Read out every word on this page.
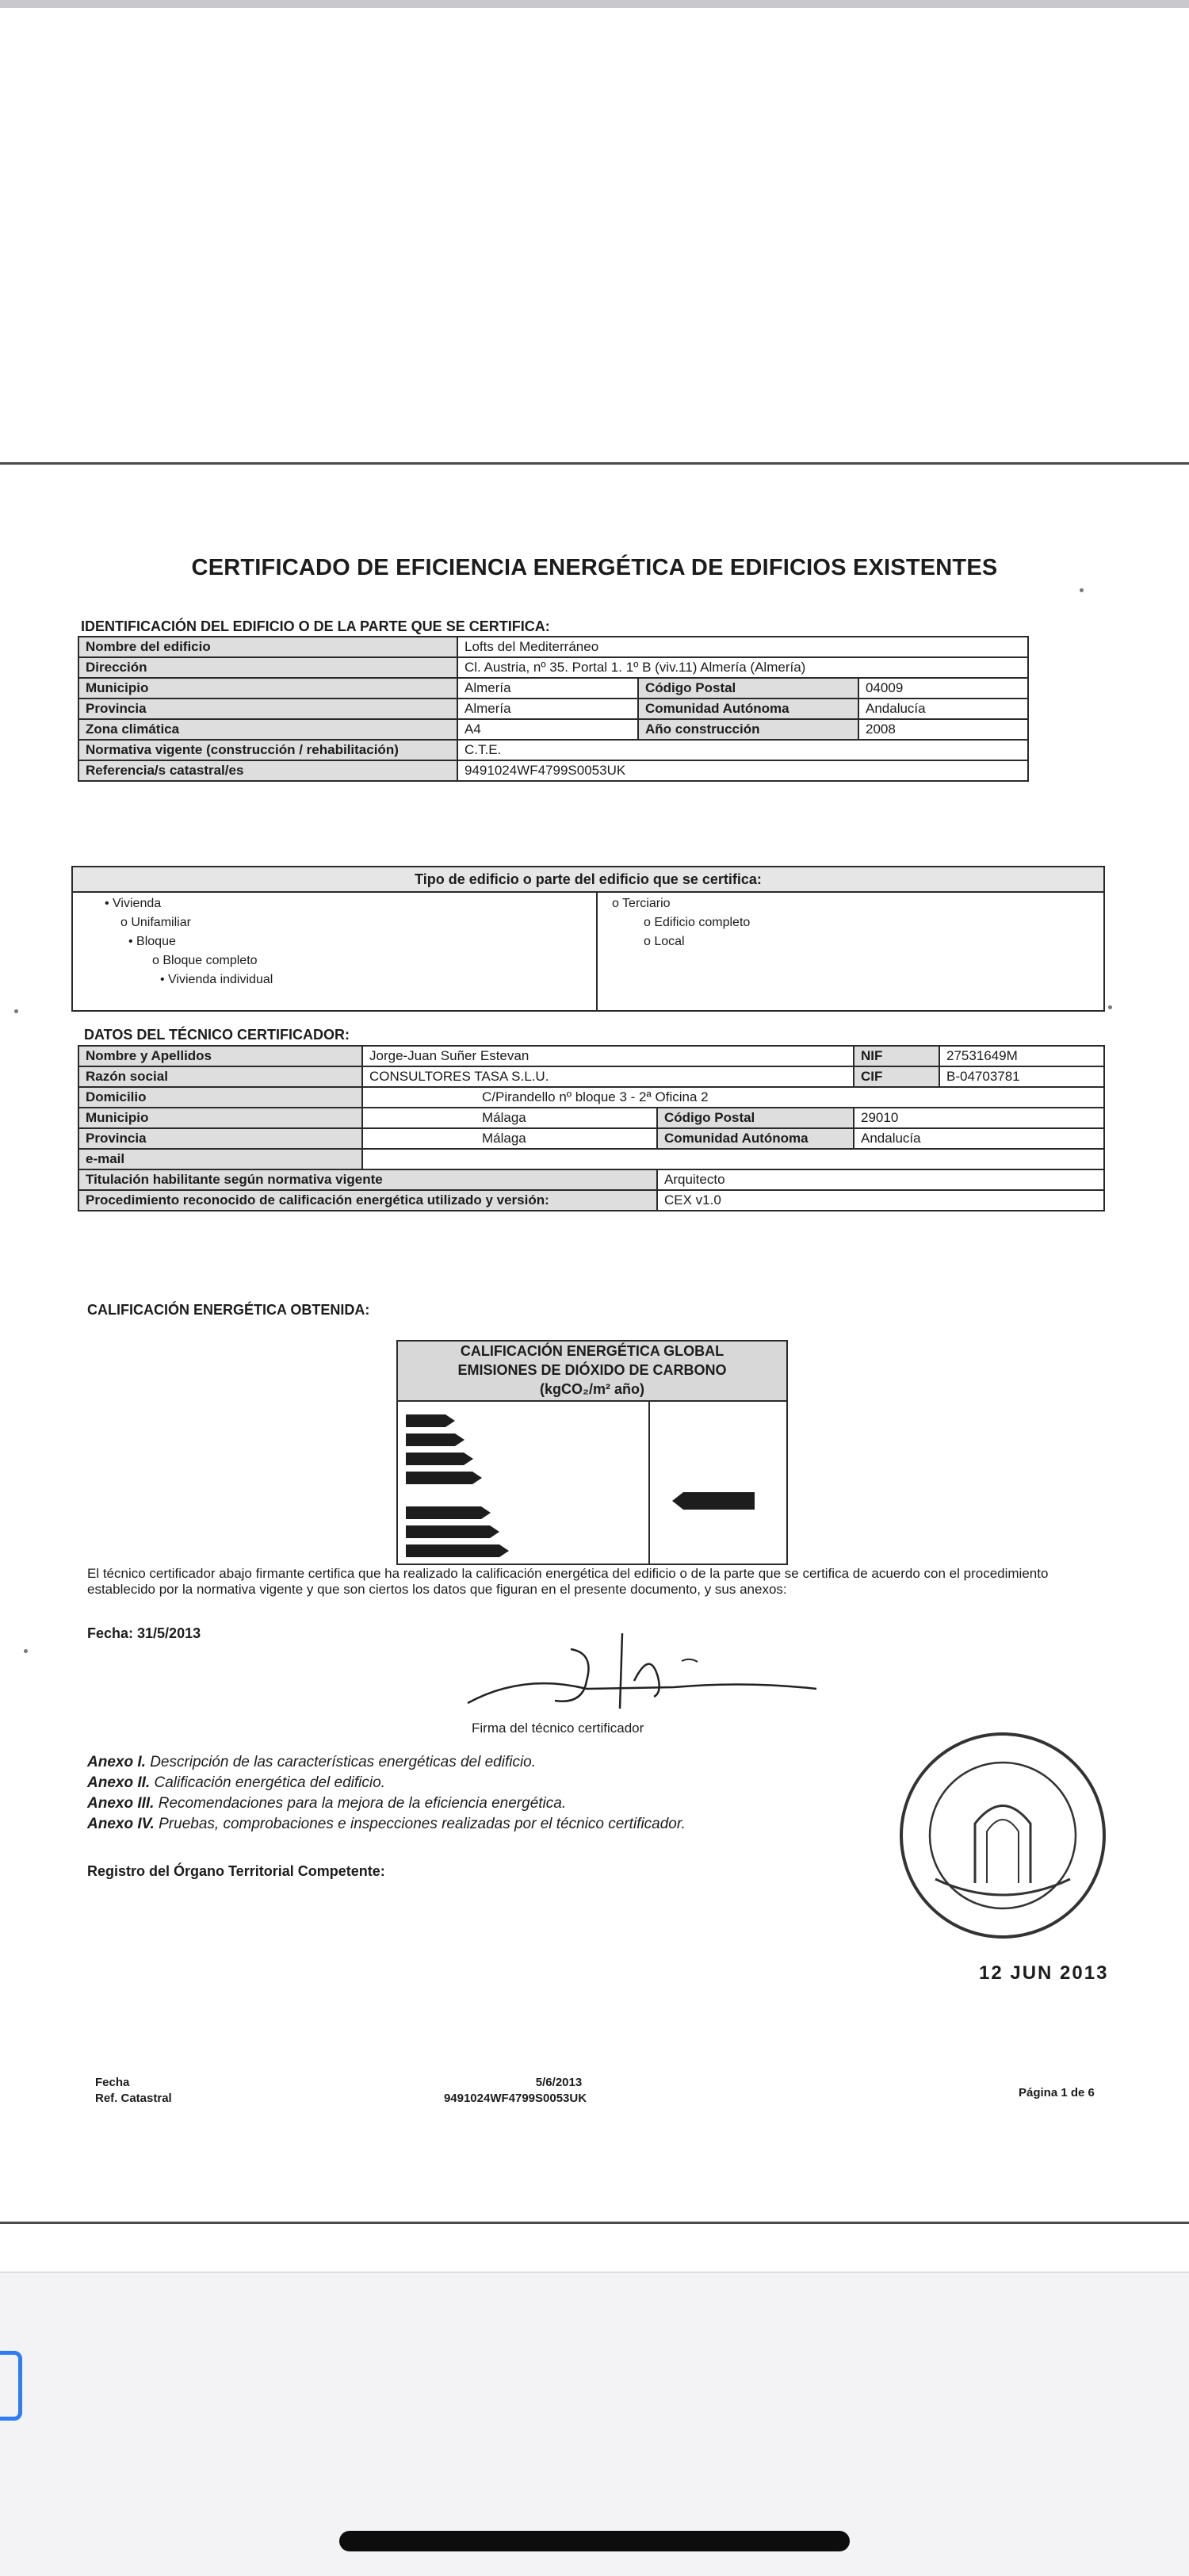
CERTIFICADO DE EFICIENCIA ENERGÉTICA DE EDIFICIOS EXISTENTES
IDENTIFICACIÓN DEL EDIFICIO O DE LA PARTE QUE SE CERTIFICA:
Nombre del edificio	Lofts del Mediterráneo		
Dirección	Cl. Austria, nº 35. Portal 1. 1º B (viv.11) Almería (Almería)		
Municipio	Almería	Código Postal	04009
Provincia	Almería	Comunidad Autónoma	Andalucía
Zona climática	A4	Año construcción	2008
Normativa vigente (construcción / rehabilitación)	C.T.E.		
Referencia/s catastral/es	9491024WF4799S0053UK		
Tipo de edificio o parte del edificio que se certifica:
• Vivienda
o Unifamiliar
• Bloque
o Bloque completo
• Vivienda individual
o Terciario
o Edificio completo
o Local
DATOS DEL TÉCNICO CERTIFICADOR:
Nombre y Apellidos	Jorge-Juan Suñer Estevan		NIF	27531649M
Razón social	CONSULTORES TASA S.L.U.		CIF	B-04703781
Domicilio	C/Pirandello nº bloque 3 - 2ª Oficina 2			
Municipio	Málaga	Código Postal	29010	
Provincia	Málaga	Comunidad Autónoma	Andalucía	
e-mail				
Titulación habilitante según normativa vigente		Arquitecto		
Procedimiento reconocido de calificación energética utilizado y versión:		CEX v1.0		
CALIFICACIÓN ENERGÉTICA OBTENIDA:
CALIFICACIÓN ENERGÉTICA GLOBAL
EMISIONES DE DIÓXIDO DE CARBONO
(kgCO₂/m² año)
El técnico certificador abajo firmante certifica que ha realizado la calificación energética del edificio o de la parte que se certifica de acuerdo con el procedimiento establecido por la normativa vigente y que son ciertos los datos que figuran en el presente documento, y sus anexos:
Fecha: 31/5/2013
Firma del técnico certificador
Anexo I. Descripción de las características energéticas del edificio.
Anexo II. Calificación energética del edificio.
Anexo III. Recomendaciones para la mejora de la eficiencia energética.
Anexo IV. Pruebas, comprobaciones e inspecciones realizadas por el técnico certificador.
Registro del Órgano Territorial Competente:
12 JUN 2013
Fecha
Ref. Catastral
5/6/2013
9491024WF4799S0053UK	Página 1 de 6
